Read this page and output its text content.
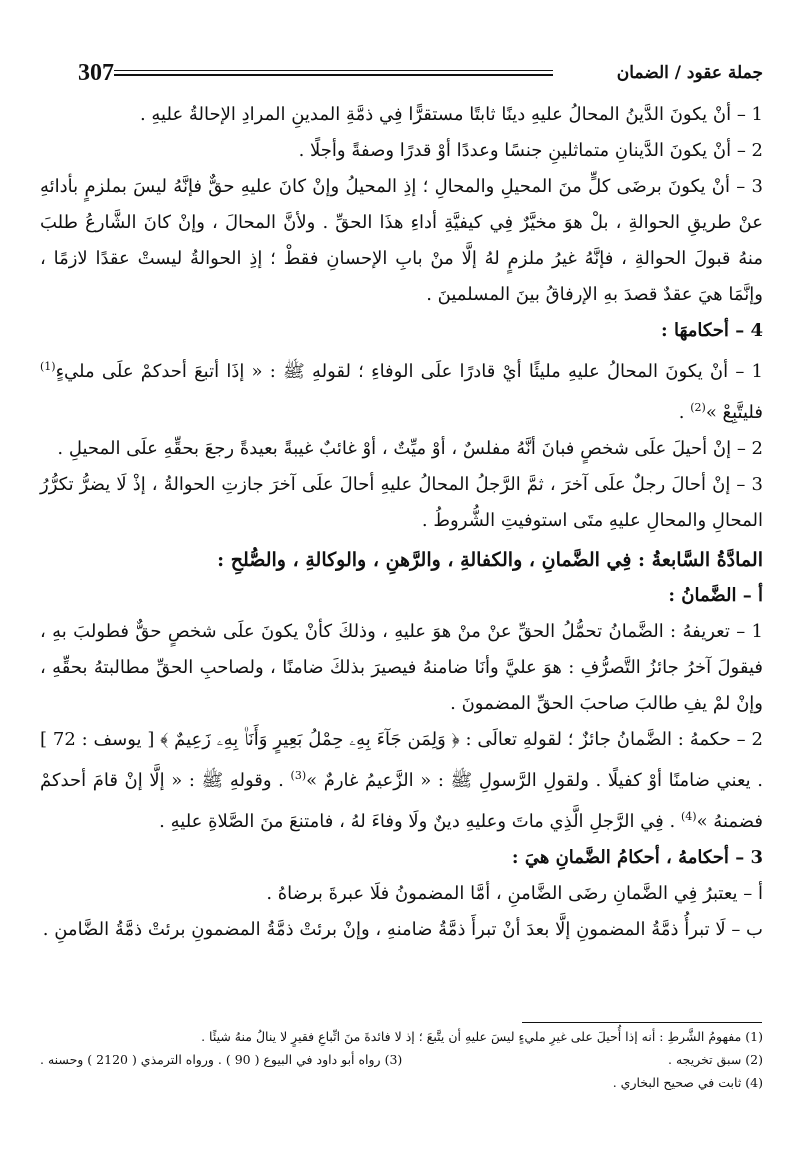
307	جملة عقود / الضمان

1 – أنْ يكونَ الدَّينُ المحالُ عليهِ دينًا ثابتًا مستقرًّا فِي ذمَّةِ المدينِ المرادِ الإحالةُ عليهِ .

2 – أنْ يكونَ الدَّينانِ متماثلينِ جنسًا وعددًا أوْ قدرًا وصفةً وأجلًا .

3 – أنْ يكونَ برضَى كلٍّ منَ المحيلِ والمحالِ ؛ إذِ المحيلُ وإنْ كانَ عليهِ حقٌّ فإنَّهُ ليسَ بملزمٍ بأدائهِ عنْ طريقِ الحوالةِ ، بلْ هوَ مخيَّرٌ فِي كيفيَّةِ أداءِ هذَا الحقِّ . ولأنَّ المحالَ ، وإنْ كانَ الشَّارعُ طلبَ منهُ قبولَ الحوالةِ ، فإنَّهُ غيرُ ملزمٍ لهُ إلَّا منْ بابِ الإحسانِ فقطْ ؛ إذِ الحوالةُ ليستْ عقدًا لازمًا ، وإنَّمَا هيَ عقدٌ قصدَ بهِ الإرفاقُ بينَ المسلمينَ .

4 – أحكامهَا :

1 – أنْ يكونَ المحالُ عليهِ مليئًا أيْ قادرًا علَى الوفاءِ ؛ لقولهِ ﷺ : « إذَا أتبعَ أحدكمْ علَى مليءٍ$^{(1)}$ فليتَّبِعْ »$^{(2)}$ .

2 – إنْ أحيلَ علَى شخصٍ فبانَ أنَّهُ مفلسٌ ، أوْ ميِّتٌ ، أوْ غائبٌ غيبةً بعيدةً رجعَ بحقِّهِ علَى المحيلِ .

3 – إنْ أحالَ رجلٌ علَى آخرَ ، ثمَّ الرَّجلُ المحالُ عليهِ أحالَ علَى آخرَ جازتِ الحوالةُ ، إذْ لَا يضرُّ تكرُّرُ المحالِ والمحالِ عليهِ متَى استوفيتِ الشُّروطُ .

المادَّةُ السَّابعةُ : فِي الضَّمانِ ، والكفالةِ ، والرَّهنِ ، والوكالةِ ، والصُّلحِ :

أ – الضَّمانُ :

1 – تعريفهُ : الضَّمانُ تحمُّلُ الحقِّ عنْ منْ هوَ عليهِ ، وذلكَ كأنْ يكونَ علَى شخصٍ حقٌّ فطولبَ بهِ ، فيقولَ آخرُ جائزُ التَّصرُّفِ : هوَ عليَّ وأنَا ضامنهُ فيصيرَ بذلكَ ضامنًا ، ولصاحبِ الحقِّ مطالبتهُ بحقِّهِ ، وإنْ لمْ يفِ طالبَ صاحبَ الحقِّ المضمونَ .

2 – حكمهُ : الضَّمانُ جائزٌ ؛ لقولهِ تعالَى : ﴿ وَلِمَن جَآءَ بِهِۦ حِمْلُ بَعِيرٍ وَأَنَا۠ بِهِۦ زَعِيمٌ ﴾ [ يوسف : 72 ] . يعني ضامنًا أوْ كفيلًا . ولقولِ الرَّسولِ ﷺ : « الزَّعيمُ غارمٌ »$^{(3)}$ . وقولهِ ﷺ : « إلَّا إنْ قامَ أحدكمْ فضمنهُ »$^{(4)}$ . فِي الرَّجلِ الَّذِي ماتَ وعليهِ دينٌ ولَا وفاءَ لهُ ، فامتنعَ منَ الصَّلاةِ عليهِ .

3 – أحكامهُ ، أحكامُ الضَّمانِ هيَ :

أ – يعتبرُ فِي الضَّمانِ رضَى الضَّامنِ ، أمَّا المضمونُ فلَا عبرةَ برضاهُ .

ب – لَا تبرأُ ذمَّةُ المضمونِ إلَّا بعدَ أنْ تبرأَ ذمَّةُ ضامنهِ ، وإنْ برئتْ ذمَّةُ المضمونِ برئتْ ذمَّةُ الضَّامنِ .

(1) مفهومُ الشَّرطِ : أنه إذا أُحيلَ على غيرِ مليءٍ ليسَ عليهِ أن يتَّبعَ ؛ إذ لا فائدةَ منَ اتِّباعِ فقيرٍ لا ينالُ منهُ شيئًا .

(2) سبق تخريجه .
(3) رواه أبو داود في البيوع ( 90 ) . ورواه الترمذي ( 2120 ) وحسنه .

(4) ثابت في صحيح البخاري .
